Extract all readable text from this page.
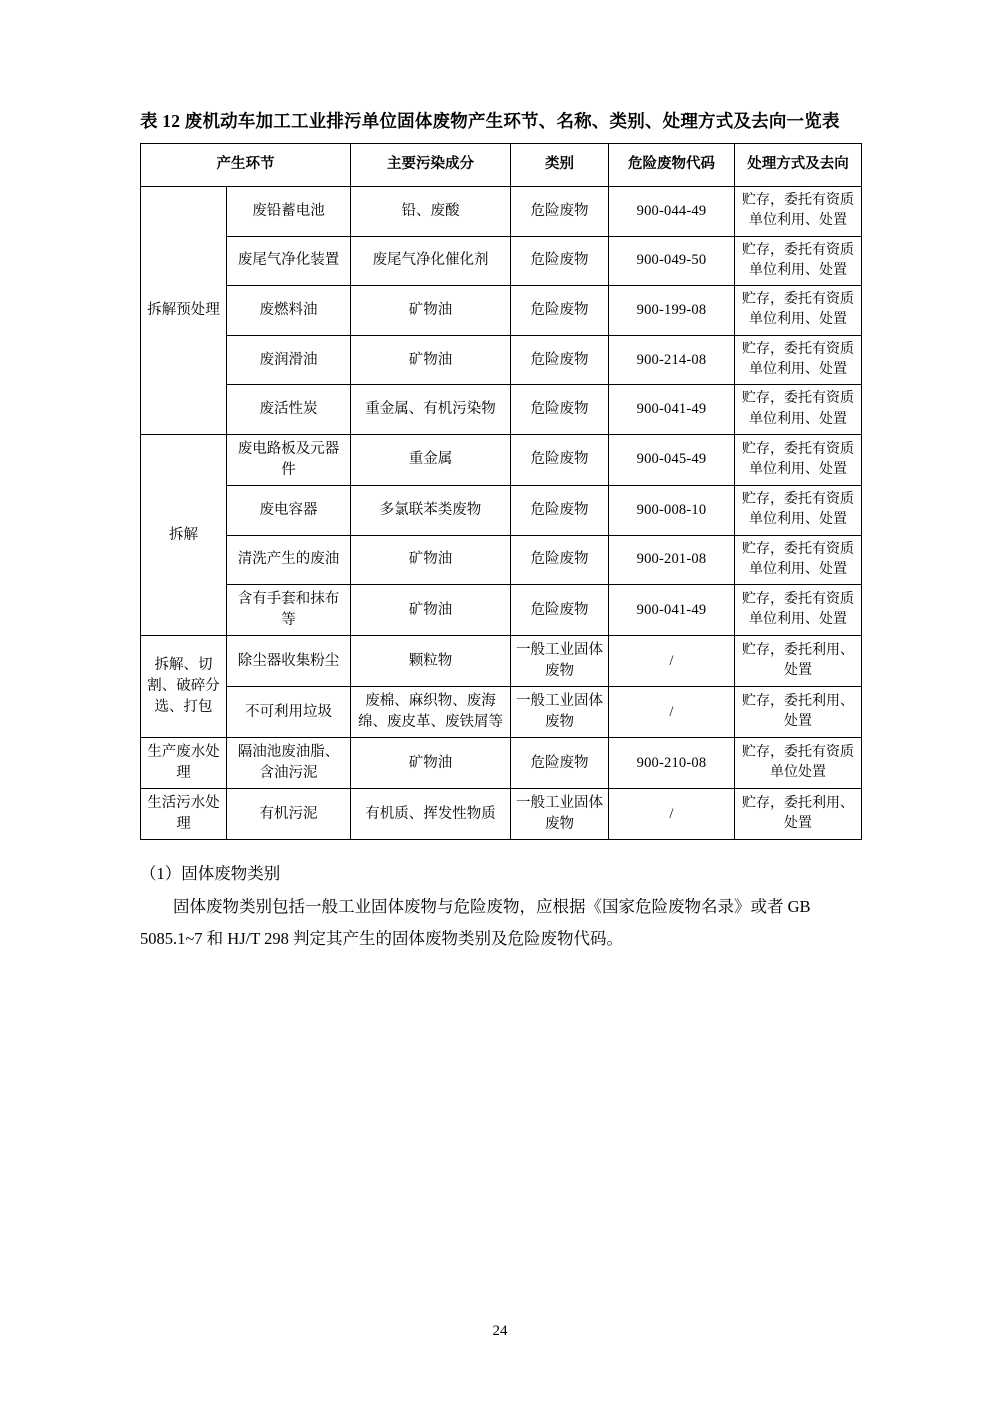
表 12 废机动车加工工业排污单位固体废物产生环节、名称、类别、处理方式及去向一览表
产生环节		主要污染成分	类别	危险废物代码	处理方式及去向
拆解预处理	废铅蓄电池	铅、废酸	危险废物	900-044-49	贮存，委托有资质单位利用、处置
	废尾气净化装置	废尾气净化催化剂	危险废物	900-049-50	贮存，委托有资质单位利用、处置
	废燃料油	矿物油	危险废物	900-199-08	贮存，委托有资质单位利用、处置
	废润滑油	矿物油	危险废物	900-214-08	贮存，委托有资质单位利用、处置
	废活性炭	重金属、有机污染物	危险废物	900-041-49	贮存，委托有资质单位利用、处置
拆解	废电路板及元器件	重金属	危险废物	900-045-49	贮存，委托有资质单位利用、处置
	废电容器	多氯联苯类废物	危险废物	900-008-10	贮存，委托有资质单位利用、处置
	清洗产生的废油	矿物油	危险废物	900-201-08	贮存，委托有资质单位利用、处置
	含有手套和抹布等	矿物油	危险废物	900-041-49	贮存，委托有资质单位利用、处置
拆解、切割、破碎分选、打包	除尘器收集粉尘	颗粒物	一般工业固体废物	/	贮存，委托利用、处置
	不可利用垃圾	废棉、麻织物、废海绵、废皮革、废铁屑等	一般工业固体废物	/	贮存，委托利用、处置
生产废水处理	隔油池废油脂、含油污泥	矿物油	危险废物	900-210-08	贮存，委托有资质单位处置
生活污水处理	有机污泥	有机质、挥发性物质	一般工业固体废物	/	贮存，委托利用、处置

（1）固体废物类别

固体废物类别包括一般工业固体废物与危险废物，应根据《国家危险废物名录》或者 GB 5085.1~7 和 HJ/T 298 判定其产生的固体废物类别及危险废物代码。

24
